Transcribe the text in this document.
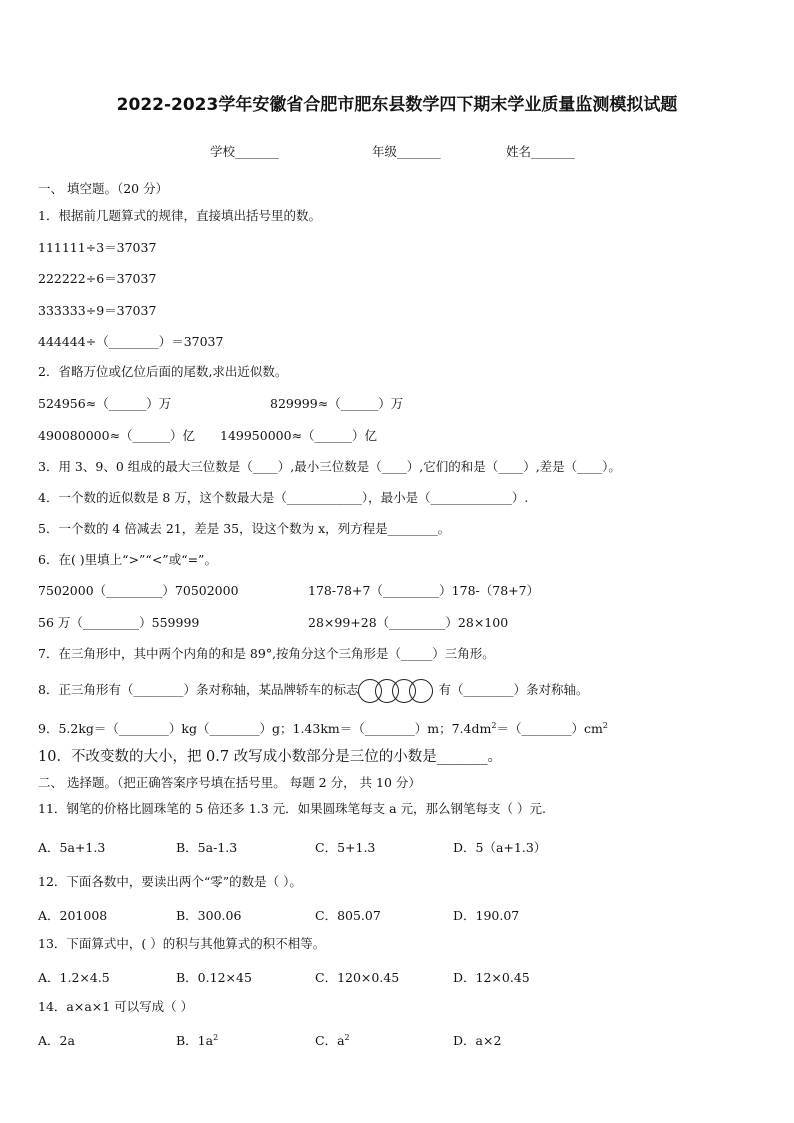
2022-2023学年安徽省合肥市肥东县数学四下期末学业质量监测模拟试题
学校_______	年级_______	姓名_______
一、 填空题。（20 分）
1．根据前几题算式的规律，直接填出括号里的数。
111111÷3＝37037
222222÷6＝37037
333333÷9＝37037
444444÷（________）＝37037
2．省略万位或亿位后面的尾数,求出近似数。
524956≈（______）万	829999≈（______）万
490080000≈（______）亿 149950000≈（______）亿
3．用 3、9、0 组成的最大三位数是（____）,最小三位数是（____）,它们的和是（____）,差是（____）。
4．一个数的近似数是 8 万，这个数最大是（____________），最小是（_____________）.
5．一个数的 4 倍减去 21，差是 35，设这个数为 x，列方程是________。
6．在( )里填上“>”“<”或“=”。
7502000（_________）70502000	178-78+7（_________）178-（78+7）
56 万（_________）559999	28×99+28（_________）28×100
7．在三角形中，其中两个内角的和是 89°,按角分这个三角形是（_____）三角形。
8．正三角形有（________）条对称轴，某品牌轿车的标志	有（________）条对称轴。
9．5.2kg＝（________）kg（________）g；1.43km＝（________）m；$7.4dm^2=(\_\_\_\_\_\_\_\_)cm^2$
10．不改变数的大小，把 0.7 改写成小数部分是三位的小数是_______。
二、 选择题。（把正确答案序号填在括号里。 每题 2 分， 共 10 分）
11．钢笔的价格比圆珠笔的 5 倍还多 1.3 元．如果圆珠笔每支 a 元，那么钢笔每支（ ）元.
A．5a+1.3	B．5a-1.3	C．5+1.3	D．5（a+1.3）
12．下面各数中，要读出两个“零”的数是（ ）。
A．201008	B．300.06	C．805.07	D．190.07
13．下面算式中，( ）的积与其他算式的积不相等。
A．1.2×4.5	B．0.12×45	C．120×0.45	D．12×0.45
14．a×a×1 可以写成（ ）
A．2a	B．$1a^2$	C．$a^2$	D．a×2
